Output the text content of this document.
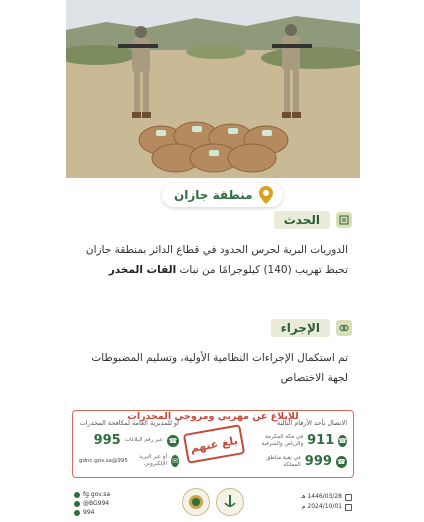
منطقة جازان
الحدث
الدوريات البرية لحرس الحدود في قطاع الدائر بمنطقة جازان
تحبط تهريب (140) كيلوجرامًا من نبات القات المخدر
الإجراء
تم استكمال الإجراءات النظامية الأولية، وتسليم المضبوطات
لجهة الاختصاص
للإبلاغ عن مهربي ومروجي المخدرات
الاتصال بأحد الأرقام التالية
☎
911
في مكة المكرمة والرياض والشرقية
☎
999
في بقية مناطق المملكة
بلغ عنهم
أو للمديرية العامة لمكافحة المخدرات
☎
عبر رقم البلاغات
995
✉
أو عبر البريد الإلكتروني
995@gdnc.gov.sa
fg.gov.sa
@BG994
994
1446/03/28 هـ
2024/10/01 م
